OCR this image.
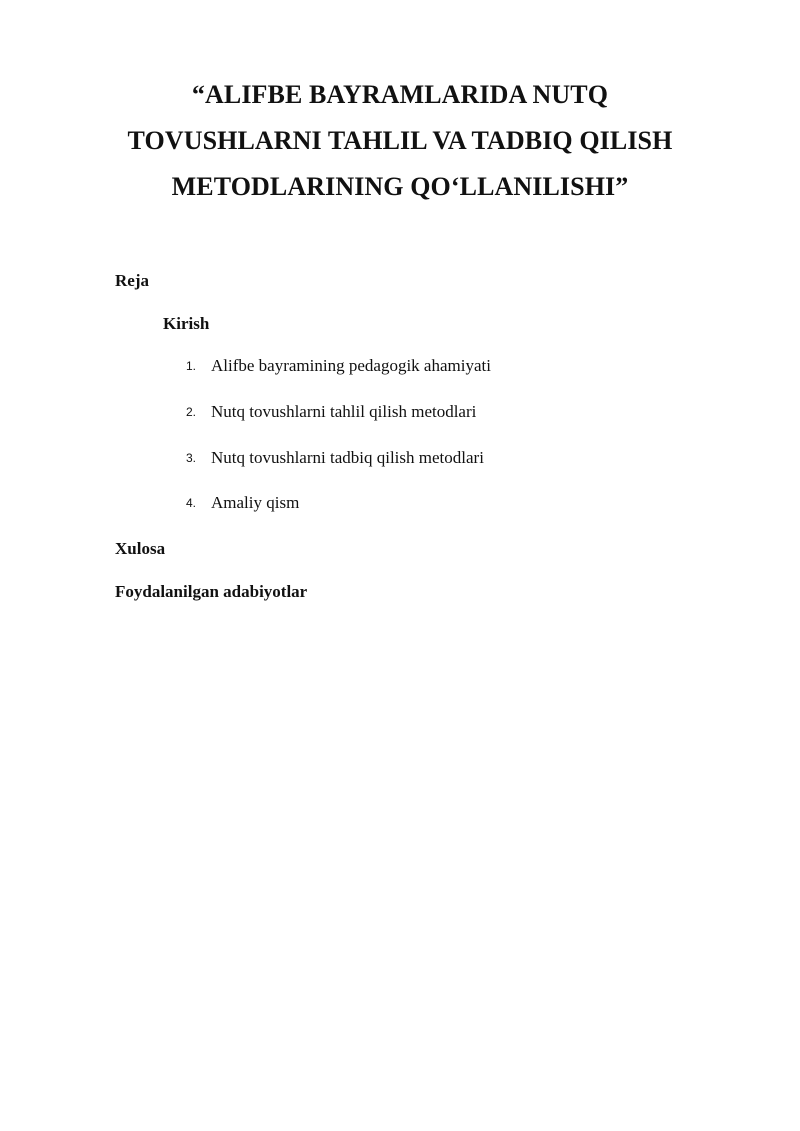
“ALIFBE BAYRAMLARIDA NUTQ
TOVUSHLARNI TAHLIL VA TADBIQ QILISH
METODLARINING QO‘LLANILISHI”
Reja
Kirish
1. Alifbe bayramining pedagogik ahamiyati
2. Nutq tovushlarni tahlil qilish metodlari
3. Nutq tovushlarni tadbiq qilish metodlari
4. Amaliy qism
Xulosa
Foydalanilgan adabiyotlar
